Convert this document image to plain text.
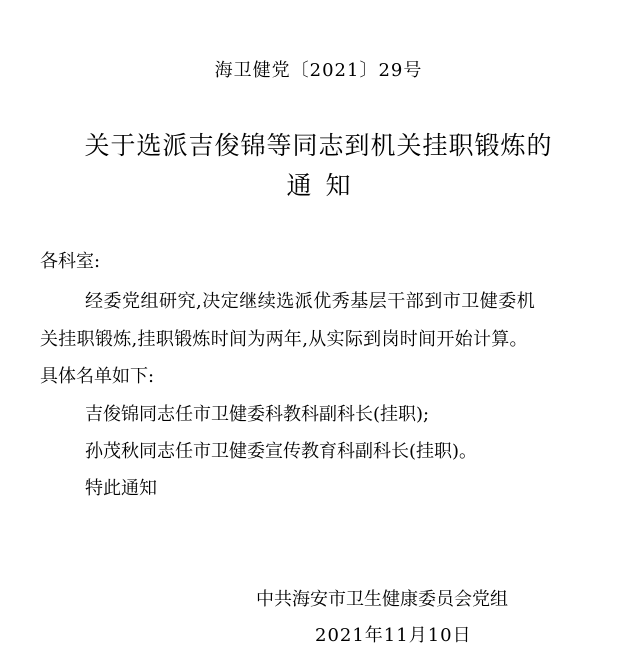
海卫健党〔2021〕29号
关于选派吉俊锦等同志到机关挂职锻炼的
通知
各科室:
经委党组研究,决定继续选派优秀基层干部到市卫健委机
关挂职锻炼,挂职锻炼时间为两年,从实际到岗时间开始计算。
具体名单如下:
吉俊锦同志任市卫健委科教科副科长(挂职);
孙茂秋同志任市卫健委宣传教育科副科长(挂职)。
特此通知
中共海安市卫生健康委员会党组
2021年11月10日
